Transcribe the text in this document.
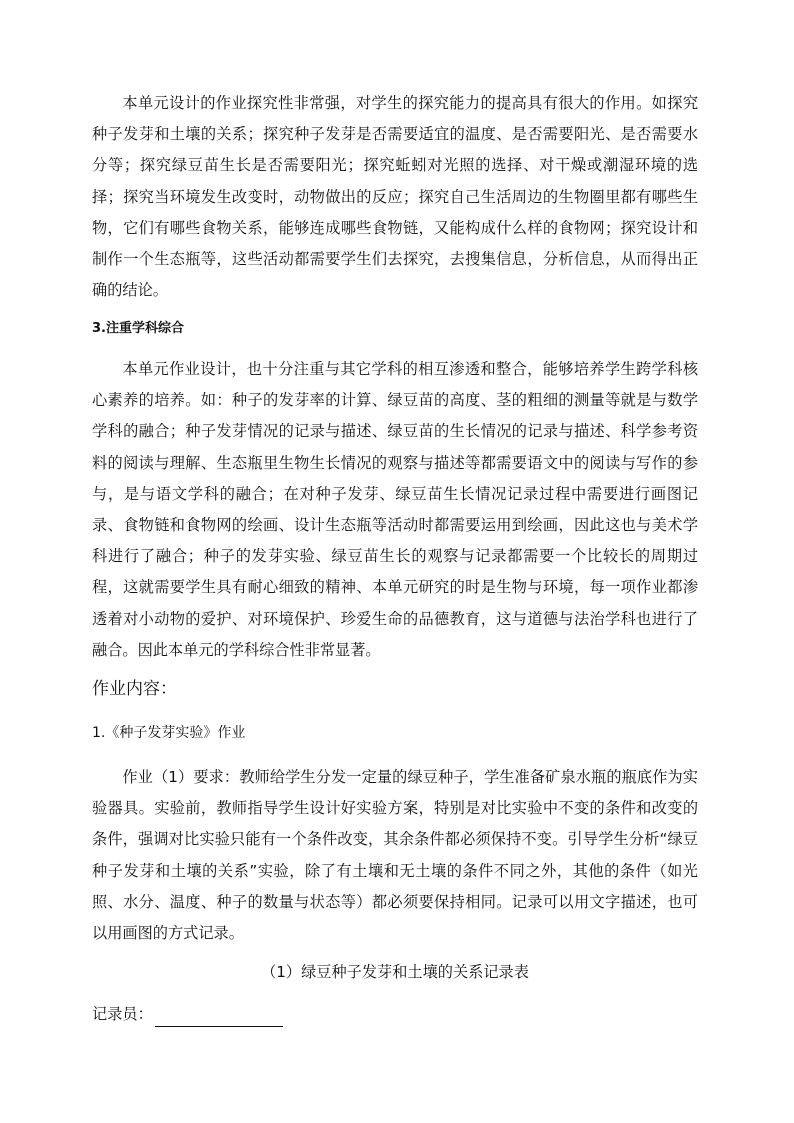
本单元设计的作业探究性非常强，对学生的探究能力的提高具有很大的作用。如探究种子发芽和土壤的关系；探究种子发芽是否需要适宜的温度、是否需要阳光、是否需要水分等；探究绿豆苗生长是否需要阳光；探究蚯蚓对光照的选择、对干燥或潮湿环境的选择；探究当环境发生改变时，动物做出的反应；探究自己生活周边的生物圈里都有哪些生物，它们有哪些食物关系，能够连成哪些食物链，又能构成什么样的食物网；探究设计和制作一个生态瓶等，这些活动都需要学生们去探究，去搜集信息，分析信息，从而得出正确的结论。

3.注重学科综合

本单元作业设计，也十分注重与其它学科的相互渗透和整合，能够培养学生跨学科核心素养的培养。如：种子的发芽率的计算、绿豆苗的高度、茎的粗细的测量等就是与数学学科的融合；种子发芽情况的记录与描述、绿豆苗的生长情况的记录与描述、科学参考资料的阅读与理解、生态瓶里生物生长情况的观察与描述等都需要语文中的阅读与写作的参与，是与语文学科的融合；在对种子发芽、绿豆苗生长情况记录过程中需要进行画图记录、食物链和食物网的绘画、设计生态瓶等活动时都需要运用到绘画，因此这也与美术学科进行了融合；种子的发芽实验、绿豆苗生长的观察与记录都需要一个比较长的周期过程，这就需要学生具有耐心细致的精神、本单元研究的时是生物与环境，每一项作业都渗透着对小动物的爱护、对环境保护、珍爱生命的品德教育，这与道德与法治学科也进行了融合。因此本单元的学科综合性非常显著。

作业内容：

1.《种子发芽实验》作业

作业（1）要求：教师给学生分发一定量的绿豆种子，学生准备矿泉水瓶的瓶底作为实验器具。实验前，教师指导学生设计好实验方案，特别是对比实验中不变的条件和改变的条件，强调对比实验只能有一个条件改变，其余条件都必须保持不变。引导学生分析“绿豆种子发芽和土壤的关系”实验，除了有土壤和无土壤的条件不同之外，其他的条件（如光照、水分、温度、种子的数量与状态等）都必须要保持相同。记录可以用文字描述，也可以用画图的方式记录。

（1）绿豆种子发芽和土壤的关系记录表

记录员：
